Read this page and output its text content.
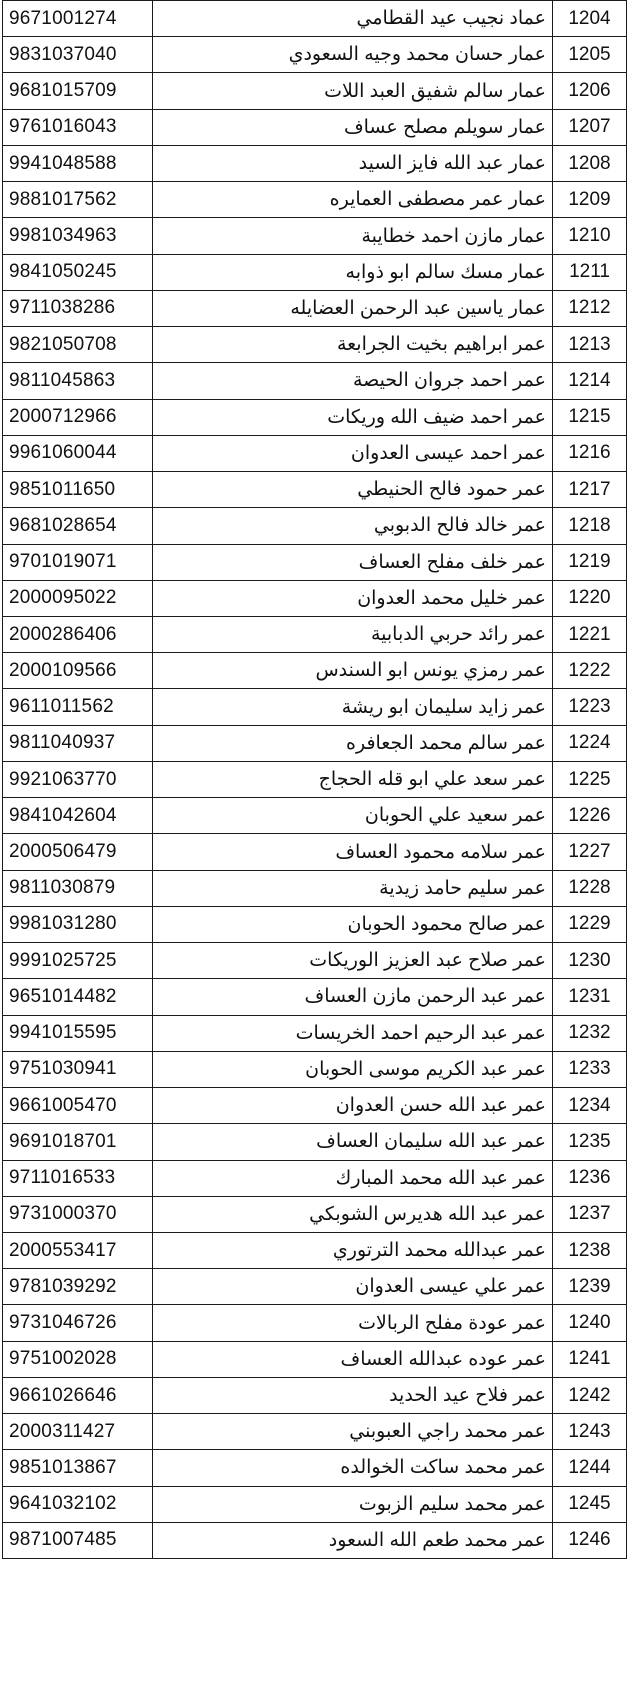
9671001274	عماد نجيب عيد القطامي	1204
9831037040	عمار حسان محمد وجيه السعودي	1205
9681015709	عمار سالم شفيق العبد اللات	1206
9761016043	عمار سويلم مصلح عساف	1207
9941048588	عمار عبد الله فايز السيد	1208
9881017562	عمار عمر مصطفى العمايره	1209
9981034963	عمار مازن احمد خطايبة	1210
9841050245	عمار مسك سالم ابو ذوابه	1211
9711038286	عمار ياسين عبد الرحمن العضايله	1212
9821050708	عمر ابراهيم بخيت الجرابعة	1213
9811045863	عمر احمد جروان الحيصة	1214
2000712966	عمر احمد ضيف الله وريكات	1215
9961060044	عمر احمد عيسى العدوان	1216
9851011650	عمر حمود فالح الحنيطي	1217
9681028654	عمر خالد فالح الدبوبي	1218
9701019071	عمر خلف مفلح العساف	1219
2000095022	عمر خليل محمد العدوان	1220
2000286406	عمر رائد حربي الدبابية	1221
2000109566	عمر رمزي يونس ابو السندس	1222
9611011562	عمر زايد سليمان ابو ريشة	1223
9811040937	عمر سالم محمد الجعافره	1224
9921063770	عمر سعد علي ابو قله الحجاج	1225
9841042604	عمر سعيد علي الحوبان	1226
2000506479	عمر سلامه محمود العساف	1227
9811030879	عمر سليم حامد زيدية	1228
9981031280	عمر صالح محمود الحوبان	1229
9991025725	عمر صلاح عبد العزيز الوريكات	1230
9651014482	عمر عبد الرحمن مازن العساف	1231
9941015595	عمر عبد الرحيم احمد الخريسات	1232
9751030941	عمر عبد الكريم موسى الحوبان	1233
9661005470	عمر عبد الله حسن العدوان	1234
9691018701	عمر عبد الله سليمان العساف	1235
9711016533	عمر عبد الله محمد المبارك	1236
9731000370	عمر عبد الله هديرس الشوبكي	1237
2000553417	عمر عبدالله محمد الترتوري	1238
9781039292	عمر علي عيسى العدوان	1239
9731046726	عمر عودة مفلح الربالات	1240
9751002028	عمر عوده عبدالله العساف	1241
9661026646	عمر فلاح عيد الحديد	1242
2000311427	عمر محمد راجي العبوبني	1243
9851013867	عمر محمد ساكت الخوالده	1244
9641032102	عمر محمد سليم الزبوت	1245
9871007485	عمر محمد طعم الله السعود	1246
